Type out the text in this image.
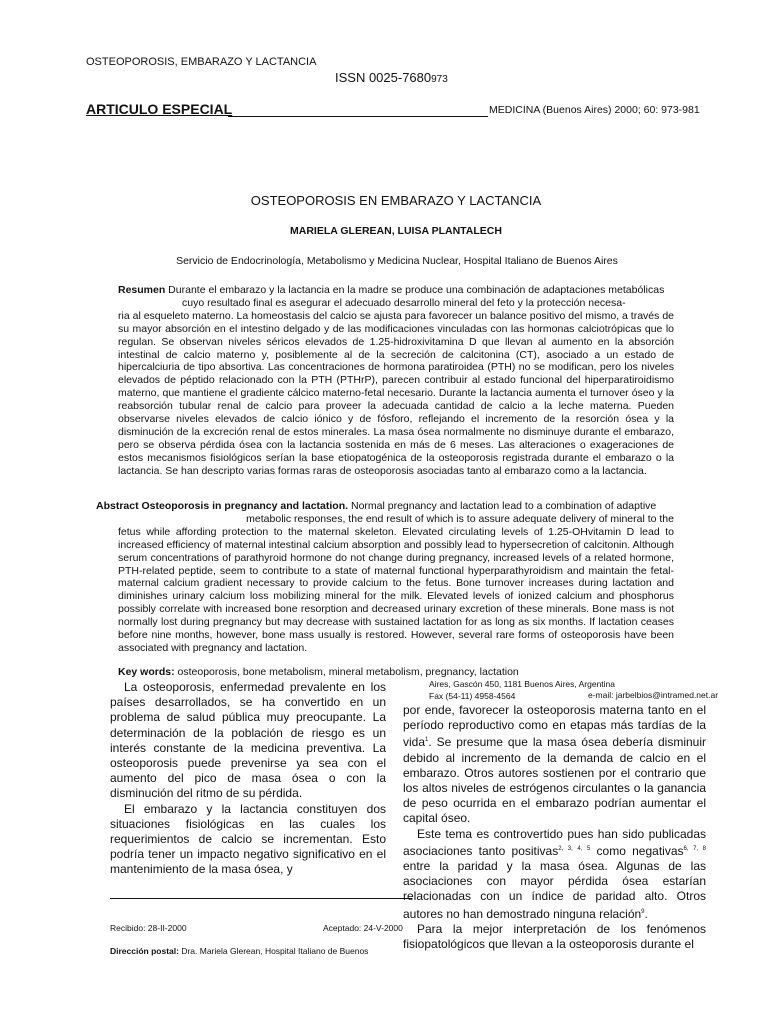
OSTEOPOROSIS, EMBARAZO Y LACTANCIA
ISSN 0025-7680973
ARTICULO ESPECIAL	MEDICINA (Buenos Aires) 2000; 60: 973-981
OSTEOPOROSIS EN EMBARAZO Y LACTANCIA
MARIELA GLEREAN, LUISA PLANTALECH
Servicio de Endocrinología, Metabolismo y Medicina Nuclear, Hospital Italiano de Buenos Aires

Resumen Durante el embarazo y la lactancia en la madre se produce una combinación de adaptaciones metabólicas

cuyo resultado final es asegurar el adecuado desarrollo mineral del feto y la protección necesa-

ria al esqueleto materno. La homeostasis del calcio se ajusta para favorecer un balance positivo del mismo, a través de su mayor absorción en el intestino delgado y de las modificaciones vinculadas con las hormonas calciotrópicas que lo regulan. Se observan niveles séricos elevados de 1.25-hidroxivitamina D que llevan al aumento en la absorción intestinal de calcio materno y, posiblemente al de la secreción de calcitonina (CT), asociado a un estado de hipercalciuria de tipo absortiva. Las concentraciones de hormona paratiroidea (PTH) no se modifican, pero los niveles elevados de péptido relacionado con la PTH (PTHrP), parecen contribuir al estado funcional del hiperparatiroidismo materno, que mantiene el gradiente cálcico materno-fetal necesario. Durante la lactancia aumenta el turnover óseo y la reabsorción tubular renal de calcio para proveer la adecuada cantidad de calcio a la leche materna. Pueden observarse niveles elevados de calcio iónico y de fósforo, reflejando el incremento de la resorción ósea y la disminución de la excreción renal de estos minerales. La masa ósea normalmente no disminuye durante el embarazo, pero se observa pérdida ósea con la lactancia sostenida en más de 6 meses. Las alteraciones o exageraciones de estos mecanismos fisiológicos serían la base etiopatogénica de la osteoporosis registrada durante el embarazo o la lactancia. Se han descripto varias formas raras de osteoporosis asociadas tanto al embarazo como a la lactancia.

Abstract Osteoporosis in pregnancy and lactation. Normal pregnancy and lactation lead to a combination of adaptive

metabolic responses, the end result of which is to assure adequate delivery of mineral to the

fetus while affording protection to the maternal skeleton. Elevated circulating levels of 1.25-OHvitamin D lead to increased efficiency of maternal intestinal calcium absorption and possibly lead to hypersecretion of calcitonin. Although serum concentrations of parathyroid hormone do not change during pregnancy, increased levels of a related hormone, PTH-related peptide, seem to contribute to a state of maternal functional hyperparathyroidism and maintain the fetal-maternal calcium gradient necessary to provide calcium to the fetus. Bone turnover increases during lactation and diminishes urinary calcium loss mobilizing mineral for the milk. Elevated levels of ionized calcium and phosphorus possibly correlate with increased bone resorption and decreased urinary excretion of these minerals. Bone mass is not normally lost during pregnancy but may decrease with sustained lactation for as long as six months. If lactation ceases before nine months, however, bone mass usually is restored. However, several rare forms of osteoporosis have been associated with pregnancy and lactation.

Key words: osteoporosis, bone metabolism, mineral metabolism, pregnancy, lactation

La osteoporosis, enfermedad prevalente en los países desarrollados, se ha convertido en un problema de salud pública muy preocupante. La determinación de la población de riesgo es un interés constante de la medicina preventiva. La osteoporosis puede prevenirse ya sea con el aumento del pico de masa ósea o con la disminución del ritmo de su pérdida.

El embarazo y la lactancia constituyen dos situaciones fisiológicas en las cuales los requerimientos de calcio se incrementan. Esto podría tener un impacto negativo significativo en el mantenimiento de la masa ósea, y

Aires, Gascón 450, 1181 Buenos Aires, Argentina
Fax (54-11) 4958-4564	e-mail: jarbelbios@intramed.net.ar

por ende, favorecer la osteoporosis materna tanto en el período reproductivo como en etapas más tardías de la vida$^1$. Se presume que la masa ósea debería disminuir debido al incremento de la demanda de calcio en el embarazo. Otros autores sostienen por el contrario que los altos niveles de estrógenos circulantes o la ganancia de peso ocurrida en el embarazo podrían aumentar el capital óseo.

Este tema es controvertido pues han sido publicadas asociaciones tanto positivas$^{2, 3, 4, 5}$ como negativas$^{6, 7, 8}$ entre la paridad y la masa ósea. Algunas de las asociaciones con mayor pérdida ósea estarían relacionadas con un índice de paridad alto. Otros autores no han demostrado ninguna relación$^9$.

Para la mejor interpretación de los fenómenos fisiopatológicos que llevan a la osteoporosis durante el

Recibido: 28-II-2000	Aceptado: 24-V-2000
Dirección postal: Dra. Mariela Glerean, Hospital Italiano de Buenos
